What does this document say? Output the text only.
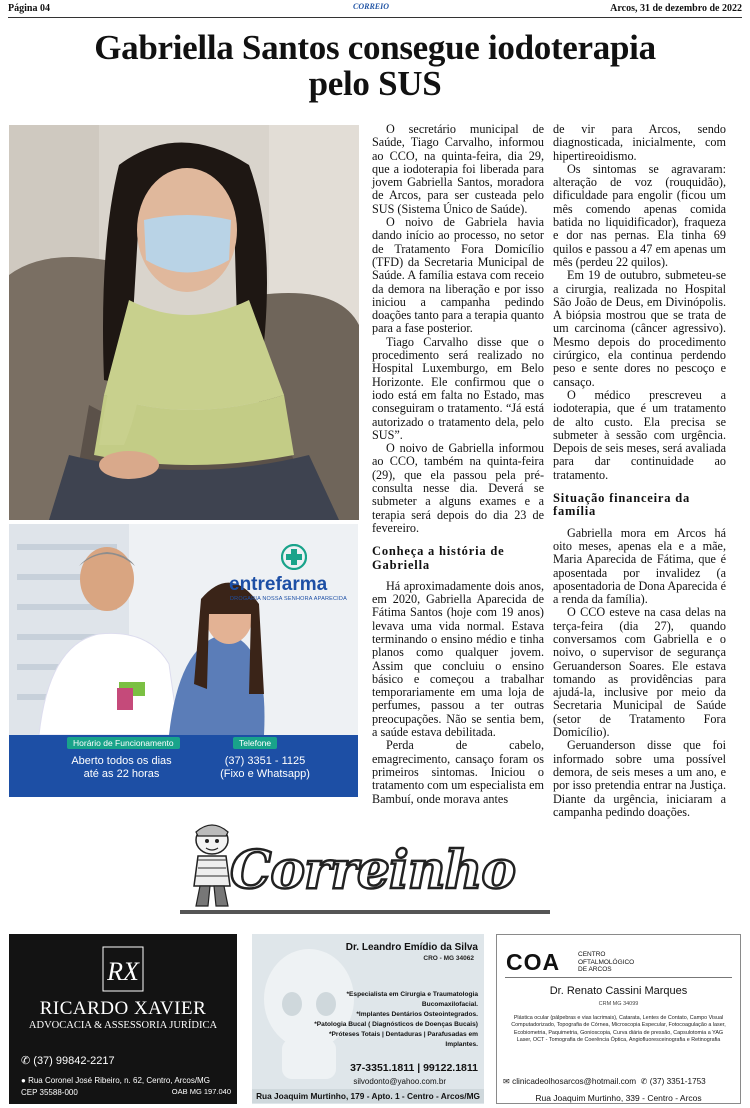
Página 04	CORREIO	Arcos, 31 de dezembro de 2022
Gabriella Santos consegue iodoterapia pelo SUS
entrefarma
DROGARIA NOSSA SENHORA APARECIDA
Horário de Funcionamento	Telefone
Aberto todos os dias até as 22 horas
(37) 3351 - 1125
(Fixo e Whatsapp)

O secretário municipal de Saúde, Tiago Carvalho, informou ao CCO, na quinta-feira, dia 29, que a iodoterapia foi liberada para jovem Gabriella Santos, moradora de Arcos, para ser custeada pelo SUS (Sistema Único de Saúde).

O noivo de Gabriela havia dando início ao processo, no setor de Tratamento Fora Domicílio (TFD) da Secretaria Municipal de Saúde. A família estava com receio da demora na liberação e por isso iniciou a campanha pedindo doações tanto para a terapia quanto para a fase posterior.

Tiago Carvalho disse que o procedimento será realizado no Hospital Luxemburgo, em Belo Horizonte. Ele confirmou que o iodo está em falta no Estado, mas conseguiram o tratamento. “Já está autorizado o tratamento dela, pelo SUS”.

O noivo de Gabriella informou ao CCO, também na quinta-feira (29), que ela passou pela pré-consulta nesse dia. Deverá se submeter a alguns exames e a terapia será depois do dia 23 de fevereiro.

Conheça a história de Gabriella

Há aproximadamente dois anos, em 2020, Gabriella Aparecida de Fátima Santos (hoje com 19 anos) levava uma vida normal. Estava terminando o ensino médio e tinha planos como qualquer jovem. Assim que concluiu o ensino básico e começou a trabalhar temporariamente em uma loja de perfumes, passou a ter outras preocupações. Não se sentia bem, a saúde estava debilitada.

Perda de cabelo, emagrecimento, cansaço foram os primeiros sintomas. Iniciou o tratamento com um especialista em Bambuí, onde morava antes

de vir para Arcos, sendo diagnosticada, inicialmente, com hipertireoidismo.

Os sintomas se agravaram: alteração de voz (rouquidão), dificuldade para engolir (ficou um mês comendo apenas comida batida no liquidificador), fraqueza e dor nas pernas. Ela tinha 69 quilos e passou a 47 em apenas um mês (perdeu 22 quilos).

Em 19 de outubro, submeteu-se a cirurgia, realizada no Hospital São João de Deus, em Divinópolis. A biópsia mostrou que se trata de um carcinoma (câncer agressivo). Mesmo depois do procedimento cirúrgico, ela continua perdendo peso e sente dores no pescoço e cansaço.

O médico prescreveu a iodoterapia, que é um tratamento de alto custo. Ela precisa se submeter à sessão com urgência. Depois de seis meses, será avaliada para dar continuidade ao tratamento.

Situação financeira da família

Gabriella mora em Arcos há oito meses, apenas ela e a mãe, Maria Aparecida de Fátima, que é aposentada por invalidez (a aposentadoria de Dona Aparecida é a renda da família).

O CCO esteve na casa delas na terça-feira (dia 27), quando conversamos com Gabriella e o noivo, o supervisor de segurança Geruanderson Soares. Ele estava tomando as providências para ajudá-la, inclusive por meio da Secretaria Municipal de Saúde (setor de Tratamento Fora Domicílio).

Geruanderson disse que foi informado sobre uma possível demora, de seis meses a um ano, e por isso pretendia entrar na Justiça. Diante da urgência, iniciaram a campanha pedindo doações.

Correinho
RX
RICARDO XAVIER
ADVOCACIA & ASSESSORIA JURÍDICA
✆ (37) 99842-2217
● Rua Coronel José Ribeiro, n. 62, Centro, Arcos/MG
CEP 35588-000	OAB MG 197.040
Dr. Leandro Emídio da Silva
CRO - MG 34062
*Especialista em Cirurgia e Traumatologia Bucomaxilofacial.
*Implantes Dentários Osteointegrados.
*Patologia Bucal ( Diagnósticos de Doenças Bucais)
*Próteses Totais | Dentaduras | Parafusadas em Implantes.
37-3351.1811 | 99122.1811
silvodonto@yahoo.com.br
Rua Joaquim Murtinho, 179 - Apto. 1 - Centro - Arcos/MG
COA	CENTRO
OFTALMOLÓGICO
DE ARCOS
Dr. Renato Cassini Marques
CRM MG 34099
Plástica ocular (pálpebras e vias lacrimais), Catarata, Lentes de Contato, Campo Visual Computadorizado, Topografia de Córnea, Microscopia Especular, Fotocoagulação a laser, Ecobiometria, Paquimetria, Gonioscopia, Curva diária de pressão, Capsulotomia a YAG Laser, OCT - Tomografia de Coerência Óptica, Angiofluoresceinografia e Retinografia
✉ clinicadeolhosarcos@hotmail.com ✆ (37) 3351-1753
Rua Joaquim Murtinho, 339 - Centro - Arcos
